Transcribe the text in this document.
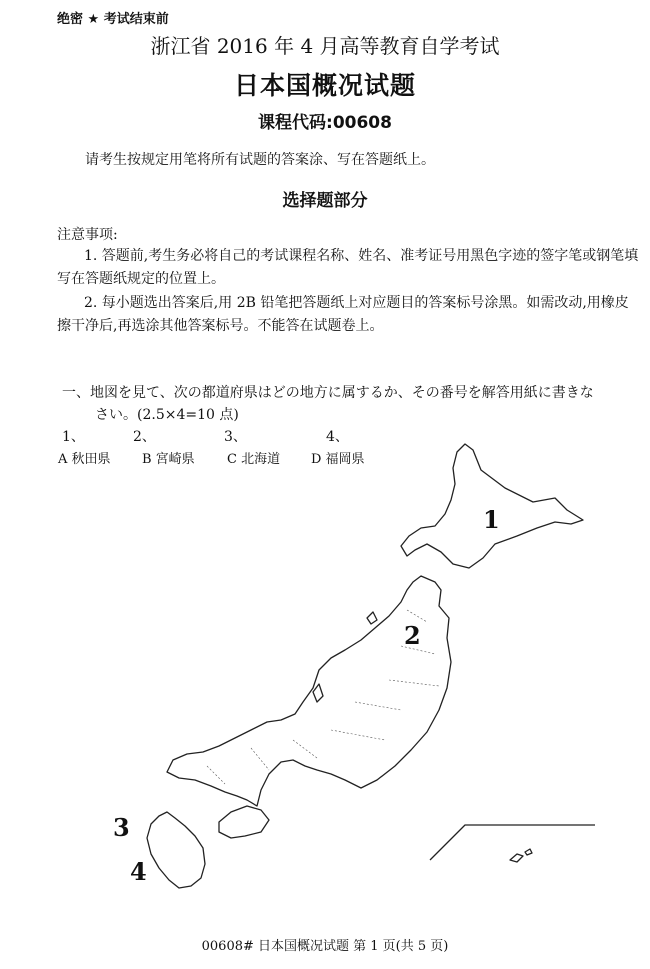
绝密 ★ 考试结束前
浙江省 2016 年 4 月高等教育自学考试
日本国概况试题
课程代码:00608
请考生按规定用笔将所有试题的答案涂、写在答题纸上。
选择题部分
注意事项:
1. 答题前,考生务必将自己的考试课程名称、姓名、准考证号用黑色字迹的签字笔或钢笔填写在答题纸规定的位置上。
2. 每小题选出答案后,用 2B 铅笔把答题纸上对应题目的答案标号涂黑。如需改动,用橡皮擦干净后,再选涂其他答案标号。不能答在试题卷上。
一、地図を見て、次の都道府県はどの地方に属するか、その番号を解答用紙に書きな
さい。(2.5×4=10 点)
1、	2、	3、	4、
A 秋田県 B 宮崎県 C 北海道 D 福岡県
1
2
3
4
00608# 日本国概况试题 第 1 页(共 5 页)
